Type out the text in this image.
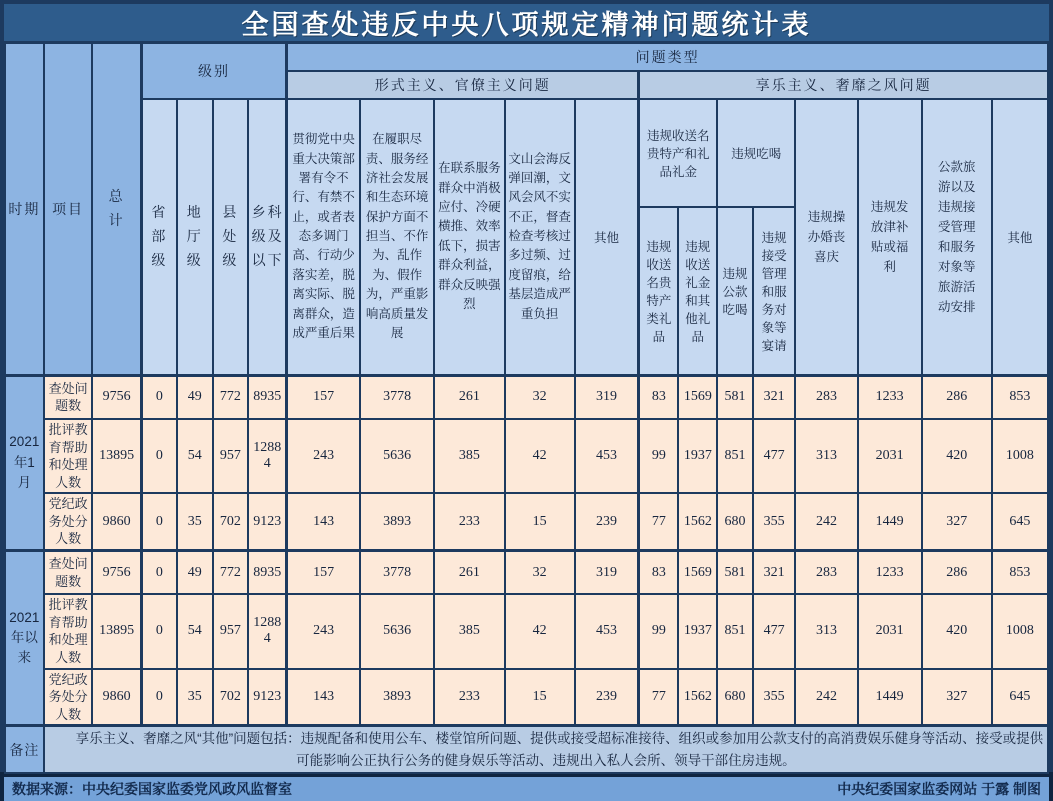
全国查处违反中央八项规定精神问题统计表
时期	项目	总计	级别				问题类型												
							形式主义、官僚主义问题					享乐主义、奢靡之风问题							
			省部级	地厅级	县处级	乡科级及以下	贯彻党中央重大决策部署有令不行、有禁不止，或者表态多调门高、行动少落实差，脱离实际、脱离群众，造成严重后果	在履职尽责、服务经济社会发展和生态环境保护方面不担当、不作为、乱作为、假作为，严重影响高质量发展	在联系服务群众中消极应付、冷硬横推、效率低下，损害群众利益，群众反映强烈	文山会海反弹回潮，文风会风不实不正，督查检查考核过多过频、过度留痕，给基层造成严重负担	其他	违规收送名贵特产和礼品礼金		违规吃喝		违规操办婚丧喜庆	违规发放津补贴或福利	公款旅游以及违规接受管理和服务对象等旅游活动安排	其他
												违规收送名贵特产类礼品	违规收送礼金和其他礼品	违规公款吃喝	违规接受管理和服务对象等宴请				
2021年1月	查处问题数	9756	0	49	772	8935	157	3778	261	32	319	83	1569	581	321	283	1233	286	853
	批评教育帮助和处理人数	13895	0	54	957	12884	243	5636	385	42	453	99	1937	851	477	313	2031	420	1008
	党纪政务处分人数	9860	0	35	702	9123	143	3893	233	15	239	77	1562	680	355	242	1449	327	645
2021年以来	查处问题数	9756	0	49	772	8935	157	3778	261	32	319	83	1569	581	321	283	1233	286	853
	批评教育帮助和处理人数	13895	0	54	957	12884	243	5636	385	42	453	99	1937	851	477	313	2031	420	1008
	党纪政务处分人数	9860	0	35	702	9123	143	3893	233	15	239	77	1562	680	355	242	1449	327	645
备注	享乐主义、奢靡之风“其他”问题包括：违规配备和使用公车、楼堂馆所问题、提供或接受超标准接待、组织或参加用公款支付的高消费娱乐健身等活动、接受或提供可能影响公正执行公务的健身娱乐等活动、违规出入私人会所、领导干部住房违规。																		
数据来源：中央纪委国家监委党风政风监督室	中央纪委国家监委网站 于露 制图
